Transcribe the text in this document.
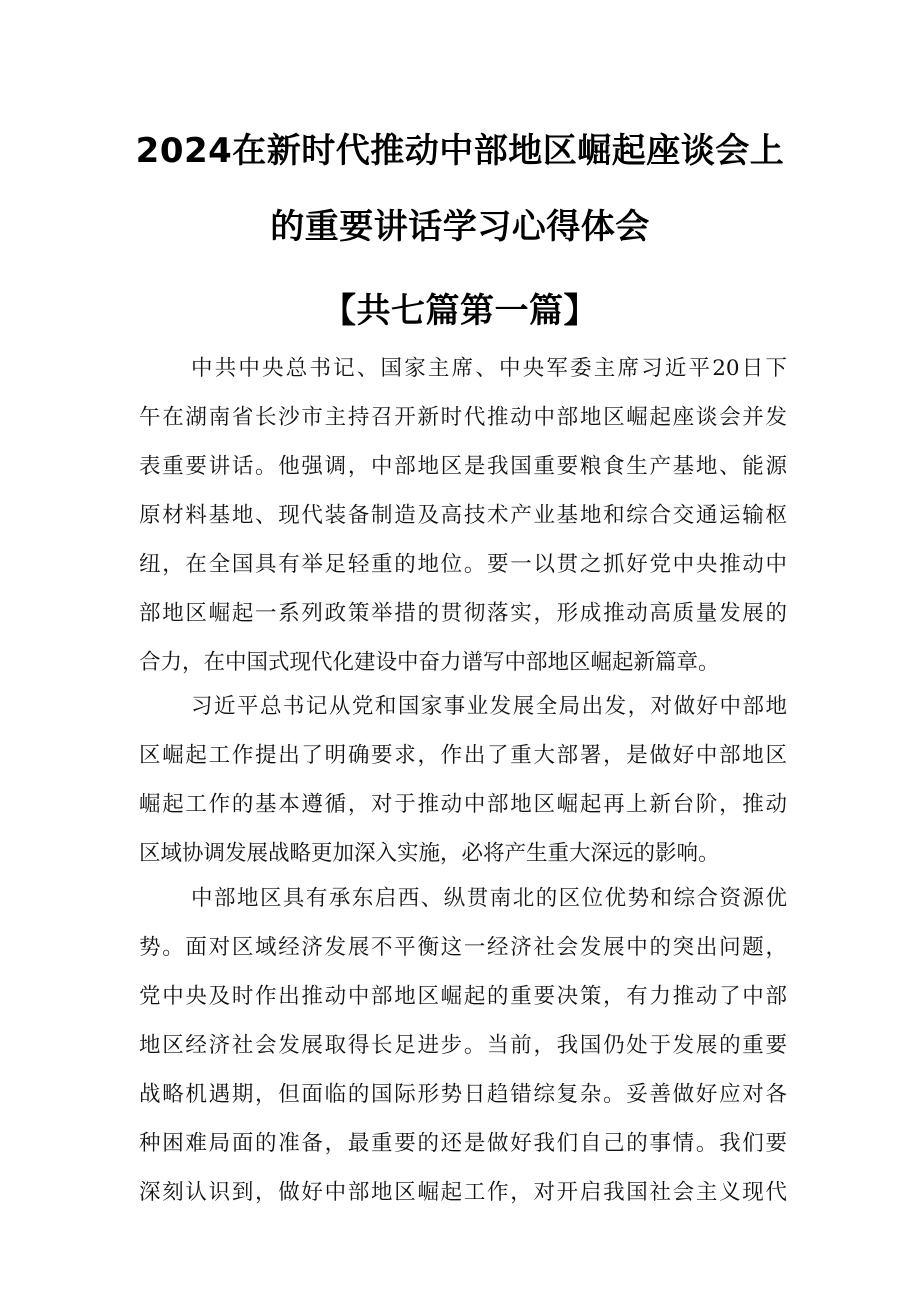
2024在新时代推动中部地区崛起座谈会上
的重要讲话学习心得体会
【共七篇第一篇】
中共中央总书记、国家主席、中央军委主席习近平20日下
午在湖南省长沙市主持召开新时代推动中部地区崛起座谈会并发
表重要讲话。他强调，中部地区是我国重要粮食生产基地、能源
原材料基地、现代装备制造及高技术产业基地和综合交通运输枢
纽，在全国具有举足轻重的地位。要一以贯之抓好党中央推动中
部地区崛起一系列政策举措的贯彻落实，形成推动高质量发展的
合力，在中国式现代化建设中奋力谱写中部地区崛起新篇章。
习近平总书记从党和国家事业发展全局出发，对做好中部地
区崛起工作提出了明确要求，作出了重大部署，是做好中部地区
崛起工作的基本遵循，对于推动中部地区崛起再上新台阶，推动
区域协调发展战略更加深入实施，必将产生重大深远的影响。
中部地区具有承东启西、纵贯南北的区位优势和综合资源优
势。面对区域经济发展不平衡这一经济社会发展中的突出问题，
党中央及时作出推动中部地区崛起的重要决策，有力推动了中部
地区经济社会发展取得长足进步。当前，我国仍处于发展的重要
战略机遇期，但面临的国际形势日趋错综复杂。妥善做好应对各
种困难局面的准备，最重要的还是做好我们自己的事情。我们要
深刻认识到，做好中部地区崛起工作，对开启我国社会主义现代
